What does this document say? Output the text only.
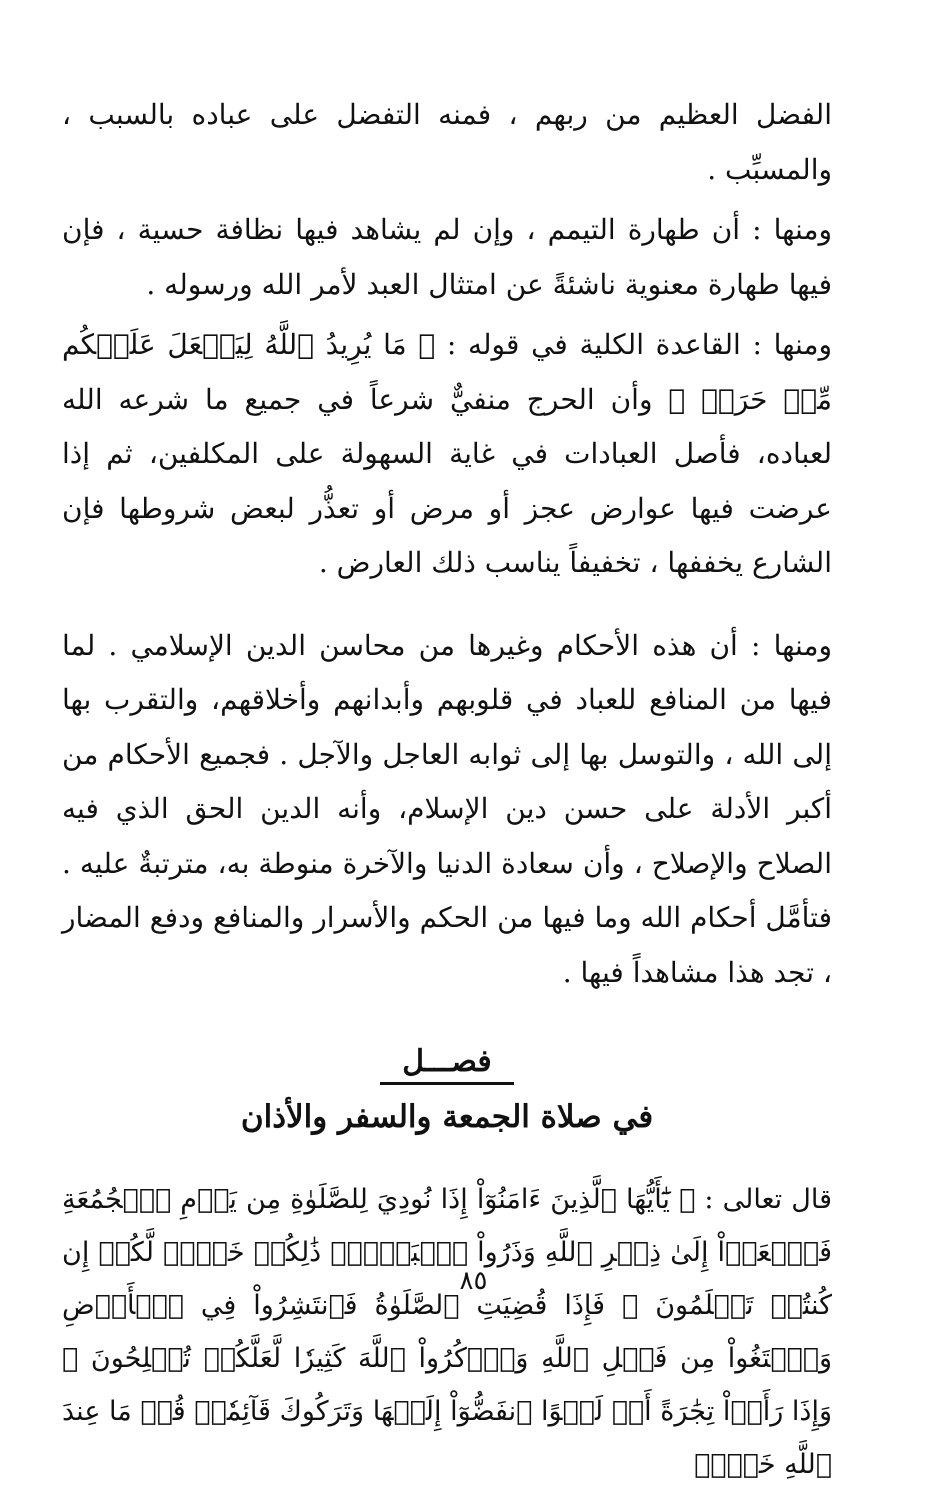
الفضل العظيم من ربهم ، فمنه التفضل على عباده بالسبب ، والمسبِّب .

ومنها : أن طهارة التيمم ، وإن لم يشاهد فيها نظافة حسية ، فإن فيها طهارة معنوية ناشئةً عن امتثال العبد لأمر الله ورسوله .

ومنها : القاعدة الكلية في قوله : ﴿ مَا يُرِيدُ ٱللَّهُ لِيَجۡعَلَ عَلَيۡكُم مِّنۡ حَرَجٖ ﴾ وأن الحرج منفيٌّ شرعاً في جميع ما شرعه الله لعباده، فأصل العبادات في غاية السهولة على المكلفين، ثم إذا عرضت فيها عوارض عجز أو مرض أو تعذُّر لبعض شروطها فإن الشارع يخففها ، تخفيفاً يناسب ذلك العارض .

ومنها : أن هذه الأحكام وغيرها من محاسن الدين الإسلامي . لما فيها من المنافع للعباد في قلوبهم وأبدانهم وأخلاقهم، والتقرب بها إلى الله ، والتوسل بها إلى ثوابه العاجل والآجل . فجميع الأحكام من أكبر الأدلة على حسن دين الإسلام، وأنه الدين الحق الذي فيه الصلاح والإصلاح ، وأن سعادة الدنيا والآخرة منوطة به، مترتبةٌ عليه . فتأمَّل أحكام الله وما فيها من الحكم والأسرار والمنافع ودفع المضار ، تجد هذا مشاهداً فيها .

فصـــل
في صلاة الجمعة والسفر والأذان

قال تعالى : ﴿ يَٰٓأَيُّهَا ٱلَّذِينَ ءَامَنُوٓاْ إِذَا نُودِيَ لِلصَّلَوٰةِ مِن يَوۡمِ ٱلۡجُمُعَةِ فَٱسۡعَوۡاْ إِلَىٰ ذِكۡرِ ٱللَّهِ وَذَرُواْ ٱلۡبَيۡعَۚ ذَٰلِكُمۡ خَيۡرٞ لَّكُمۡ إِن كُنتُمۡ تَعۡلَمُونَ ۞ فَإِذَا قُضِيَتِ ٱلصَّلَوٰةُ فَٱنتَشِرُواْ فِي ٱلۡأَرۡضِ وَٱبۡتَغُواْ مِن فَضۡلِ ٱللَّهِ وَٱذۡكُرُواْ ٱللَّهَ كَثِيرٗا لَّعَلَّكُمۡ تُفۡلِحُونَ ۞ وَإِذَا رَأَوۡاْ تِجَٰرَةً أَوۡ لَهۡوًا ٱنفَضُّوٓاْ إِلَيۡهَا وَتَرَكُوكَ قَآئِمٗاۚ قُلۡ مَا عِندَ ٱللَّهِ خَيۡرٞ

٨٥
